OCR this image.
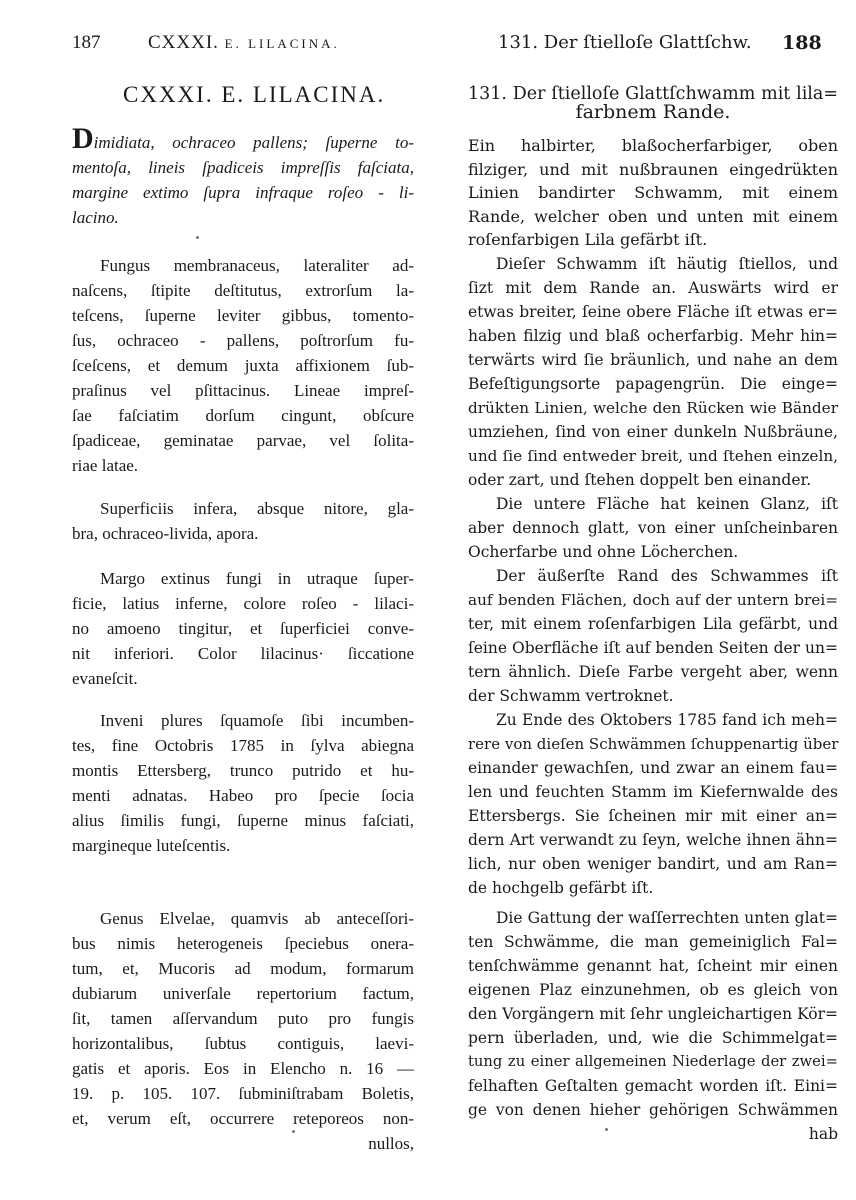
187	CXXXI. E. LILACINA.
CXXXI. E. LILACINA.
Dimidiata, ochraceo pallens; ſuperne to-
mentoſa, lineis ſpadiceis impreſſis faſciata,
margine extimo ſupra infraque roſeo - li-
lacino.
Fungus membranaceus, lateraliter ad-
naſcens, ſtipite deſtitutus, extrorſum la-
teſcens, ſuperne leviter gibbus, tomento-
ſus, ochraceo - pallens, poſtrorſum fu-
ſceſcens, et demum juxta affixionem ſub-
praſinus vel pſittacinus. Lineae impreſ-
ſae faſciatim dorſum cingunt, obſcure
ſpadiceae, geminatae parvae, vel ſolita-
riae latae.
Superficiis infera, absque nitore, gla-
bra, ochraceo-livida, apora.
Margo extinus fungi in utraque ſuper-
ficie, latius inferne, colore roſeo - lilaci-
no amoeno tingitur, et ſuperficiei conve-
nit inferiori. Color lilacinus· ſiccatione
evaneſcit.
Inveni plures ſquamoſe ſibi incumben-
tes, fine Octobris 1785 in ſylva abiegna
montis Ettersberg, trunco putrido et hu-
menti adnatas. Habeo pro ſpecie ſocia
alius ſimilis fungi, ſuperne minus faſciati,
margineque luteſcentis.
Genus Elvelae, quamvis ab anteceſſori-
bus nimis heterogeneis ſpeciebus onera-
tum, et, Mucoris ad modum, formarum
dubiarum univerſale repertorium factum,
ſit, tamen aſſervandum puto pro fungis
horizontalibus, ſubtus contiguis, laevi-
gatis et aporis. Eos in Elencho n. 16 —
19. p. 105. 107. ſubminiſtrabam Boletis,
et, verum eſt, occurrere reteporeos non-
nullos,
131. Der ſtielloſe Glattſchw. 188
131. Der ſtielloſe Glattſchwamm mit lila=
farbnem Rande.
Ein halbirter, blaßocherfarbiger, oben
filziger, und mit nußbraunen eingedrükten
Linien bandirter Schwamm, mit einem
Rande, welcher oben und unten mit einem
roſenfarbigen Lila gefärbt iſt.
Dieſer Schwamm iſt häutig ſtiellos, und
ſizt mit dem Rande an. Auswärts wird er
etwas breiter, ſeine obere Fläche iſt etwas er=
haben filzig und blaß ocherfarbig. Mehr hin=
terwärts wird ſie bräunlich, und nahe an dem
Befeſtigungsorte papagengrün. Die einge=
drükten Linien, welche den Rücken wie Bänder
umziehen, ſind von einer dunkeln Nußbräune,
und ſie ſind entweder breit, und ſtehen einzeln,
oder zart, und ſtehen doppelt ben einander.
Die untere Fläche hat keinen Glanz, iſt
aber dennoch glatt, von einer unſcheinbaren
Ocherfarbe und ohne Löcherchen.
Der äußerſte Rand des Schwammes iſt
auf benden Flächen, doch auf der untern brei=
ter, mit einem roſenfarbigen Lila gefärbt, und
ſeine Oberfläche iſt auf benden Seiten der un=
tern ähnlich. Dieſe Farbe vergeht aber, wenn
der Schwamm vertroknet.
Zu Ende des Oktobers 1785 fand ich meh=
rere von dieſen Schwämmen ſchuppenartig über
einander gewachſen, und zwar an einem fau=
len und feuchten Stamm im Kiefernwalde des
Ettersbergs. Sie ſcheinen mir mit einer an=
dern Art verwandt zu ſeyn, welche ihnen ähn=
lich, nur oben weniger bandirt, und am Ran=
de hochgelb gefärbt iſt.
Die Gattung der waſſerrechten unten glat=
ten Schwämme, die man gemeiniglich Fal=
tenſchwämme genannt hat, ſcheint mir einen
eigenen Plaz einzunehmen, ob es gleich von
den Vorgängern mit ſehr ungleichartigen Kör=
pern überladen, und, wie die Schimmelgat=
tung zu einer allgemeinen Niederlage der zwei=
felhaften Geſtalten gemacht worden iſt. Eini=
ge von denen hieher gehörigen Schwämmen
hab
